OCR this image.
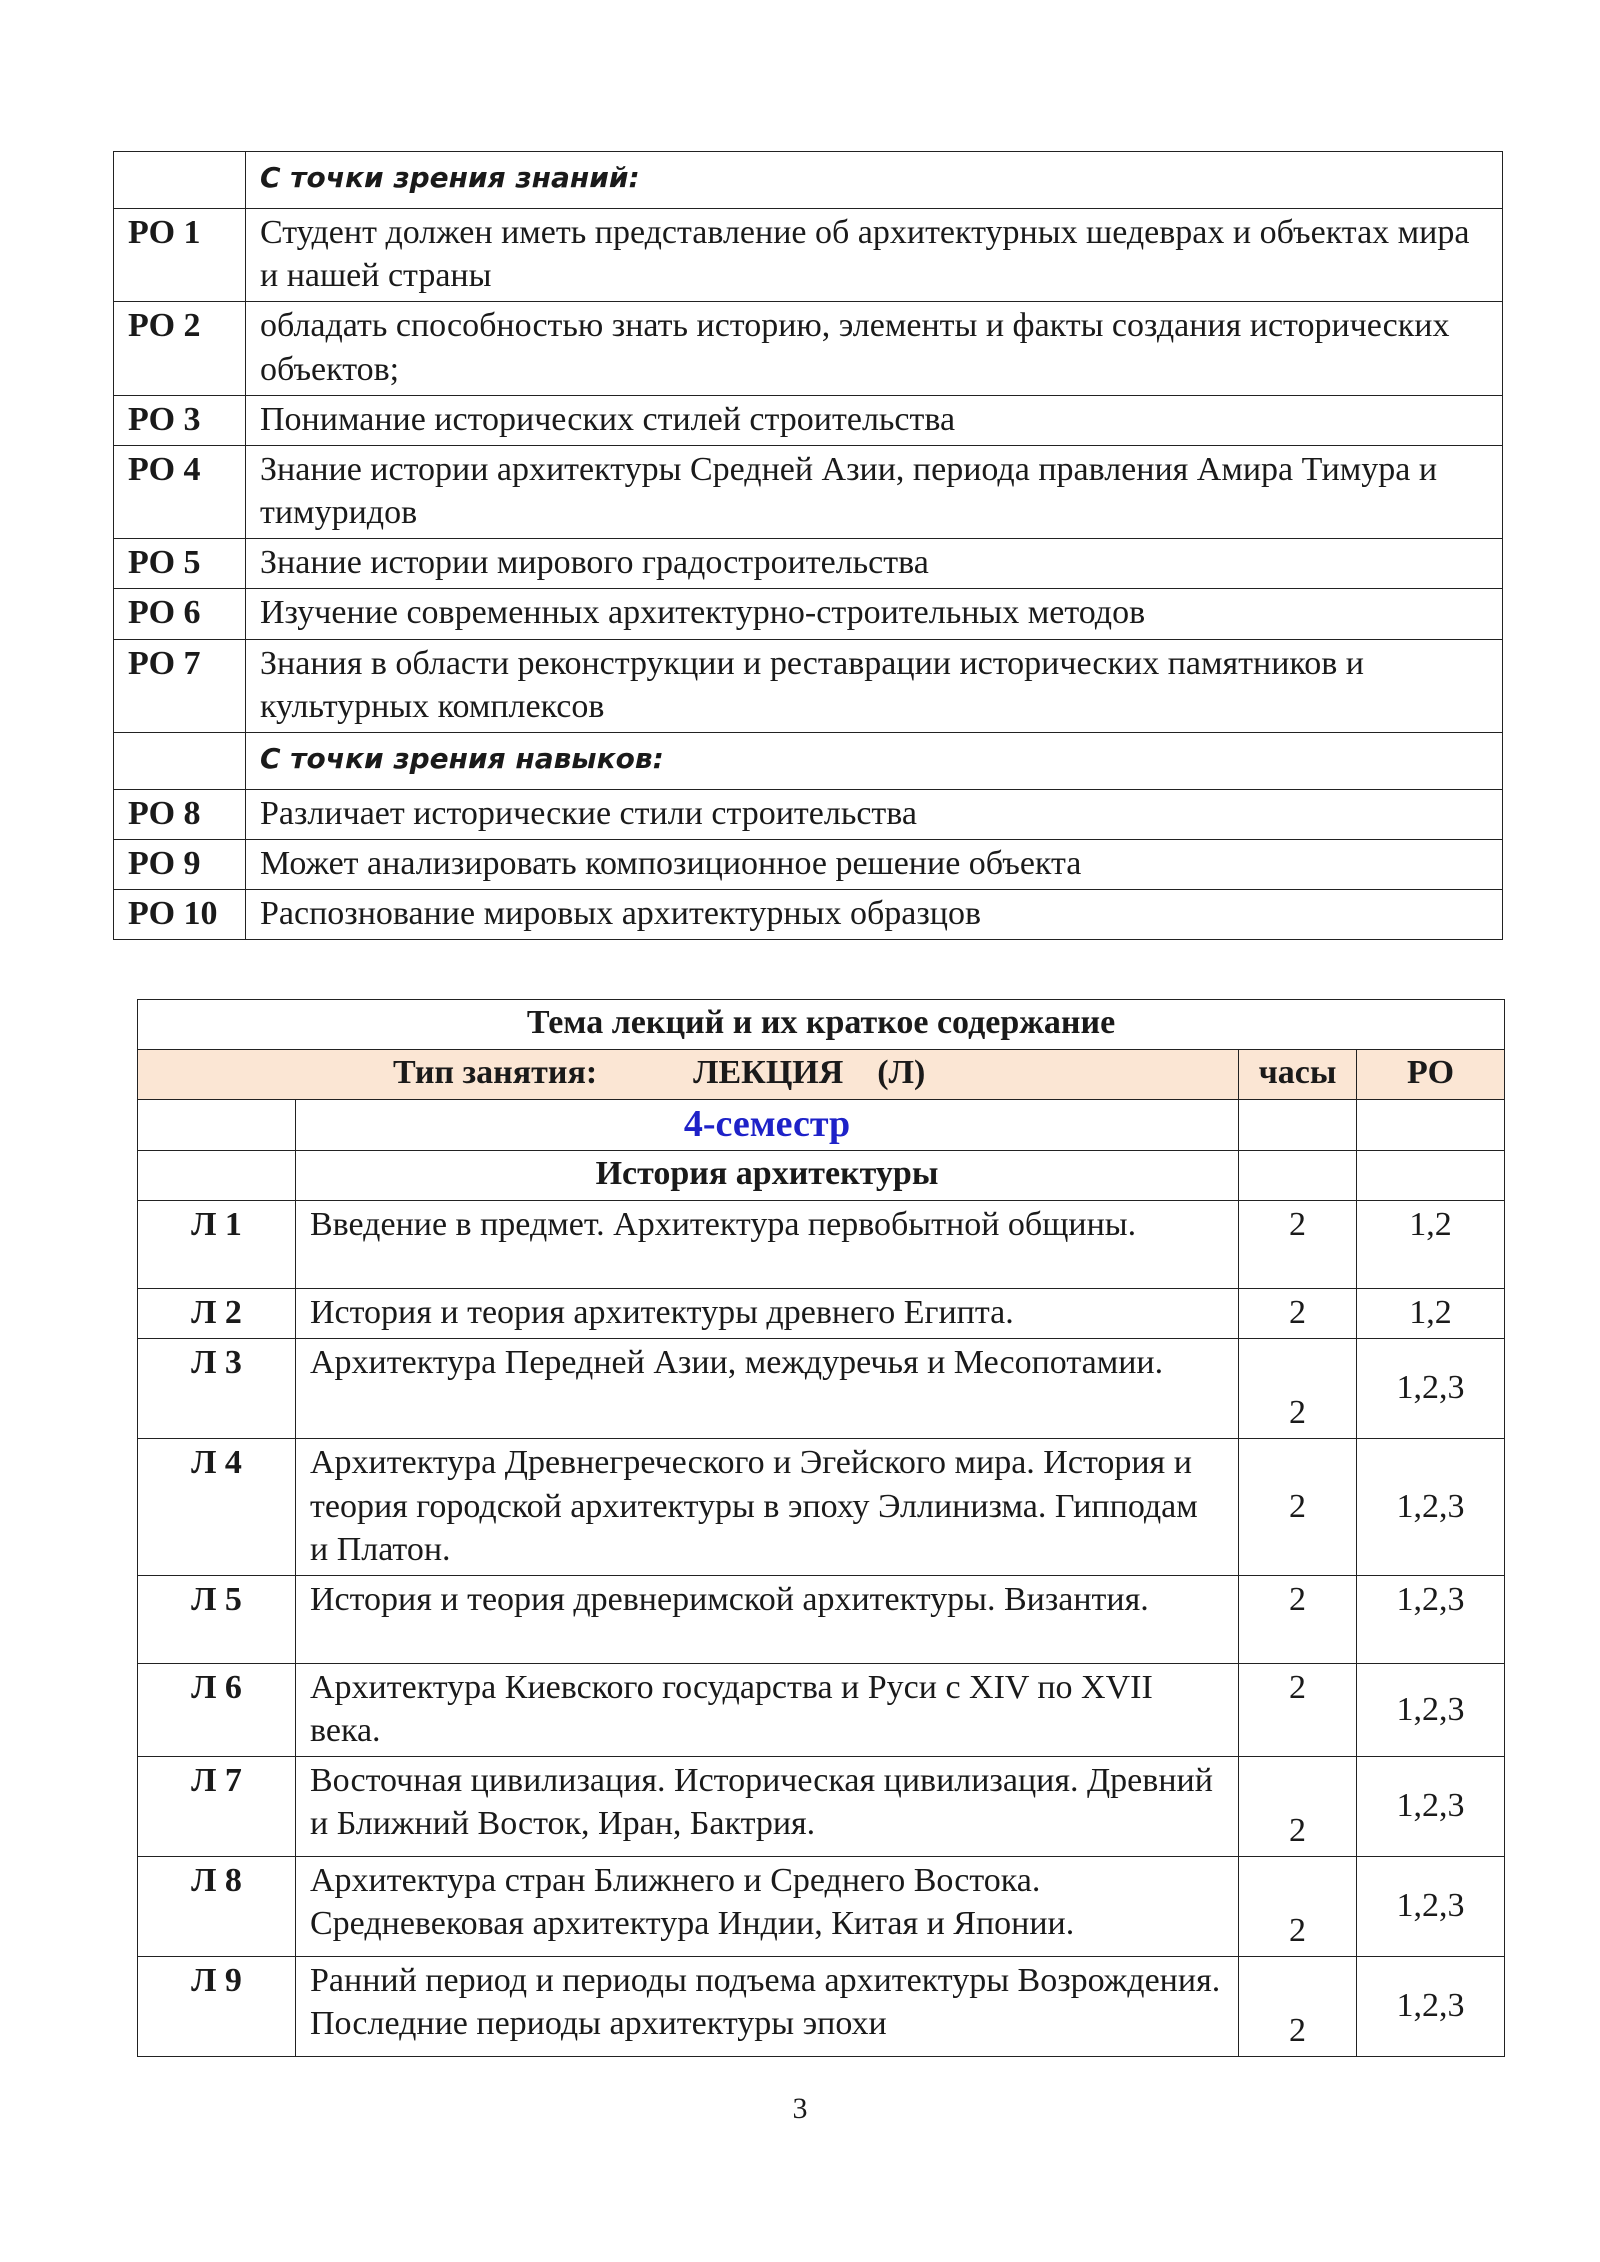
	С точки зрения знаний:
РО 1	Студент должен иметь представление об архитектурных шедеврах и объектах мира и нашей страны
РО 2	обладать способностью знать историю, элементы и факты создания исторических объектов;
РО 3	Понимание исторических стилей строительства
РО 4	Знание истории архитектуры Средней Азии, периода правления Амира Тимура и тимуридов
РО 5	Знание истории мирового градостроительства
РО 6	Изучение современных архитектурно-строительных методов
РО 7	Знания в области реконструкции и реставрации исторических памятников и культурных комплексов
	С точки зрения навыков:
РО 8	Различает исторические стили строительства
РО 9	Может анализировать композиционное решение объекта
РО 10	Распознование мировых архитектурных образцов
Тема лекций и их краткое содержание			
Тип занятия: ЛЕКЦИЯ    (Л)		часы	РО
	4-семестр		
	История архитектуры		
Л 1	Введение в предмет. Архитектура первобытной общины.	2	1,2
Л 2	История и теория архитектуры древнего Египта.	2	1,2
Л 3	Архитектура Передней Азии, междуречья и Месопотамии.	2	1,2,3
Л 4	Архитектура Древнегреческого и Эгейского мира. История и теория городской архитектуры в эпоху Эллинизма. Гипподам и Платон.	2	1,2,3
Л 5	История и теория древнеримской архитектуры. Византия.	2	1,2,3
Л 6	Архитектура Киевского государства и Руси с XIV по XVII века.	2	1,2,3
Л 7	Восточная цивилизация. Историческая цивилизация. Древний и Ближний Восток, Иран, Бактрия.	2	1,2,3
Л 8	Архитектура стран Ближнего и Среднего Востока. Средневековая архитектура Индии, Китая и Японии.	2	1,2,3
Л 9	Ранний период и периоды подъема архитектуры Возрождения. Последние периоды архитектуры эпохи	2	1,2,3
3
